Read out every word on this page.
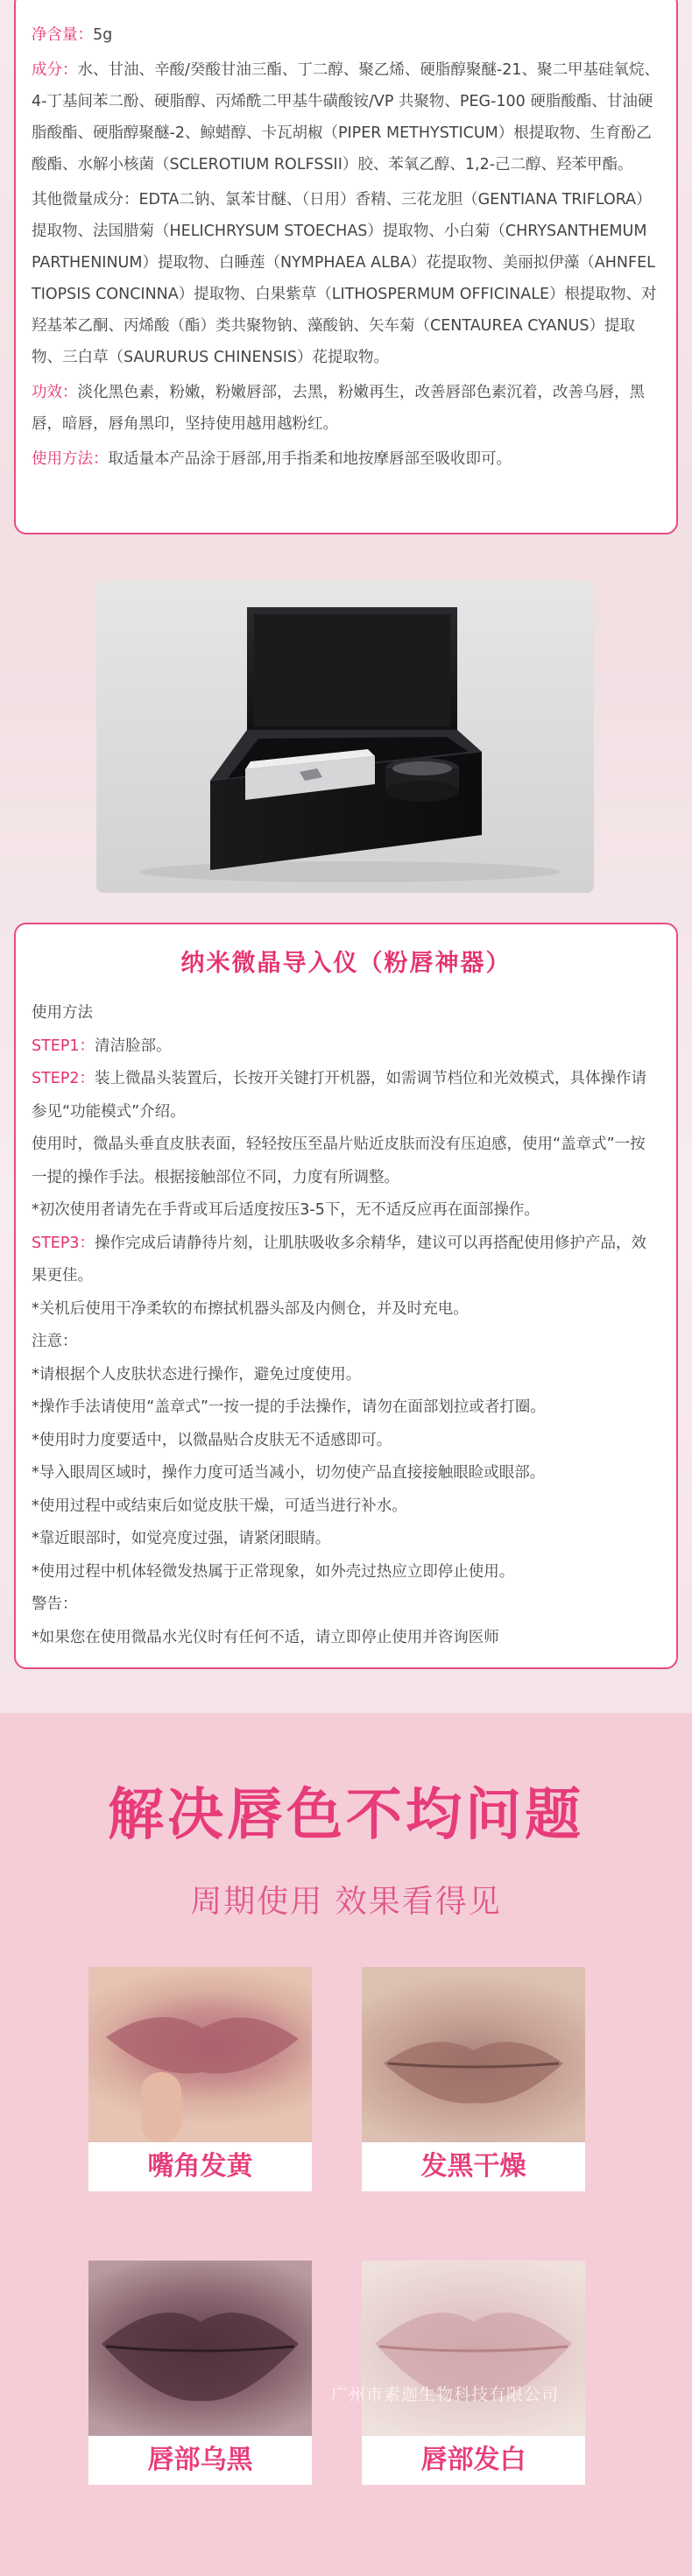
净含量：5g

成分：水、甘油、辛酸/癸酸甘油三酯、丁二醇、聚乙烯、硬脂醇聚醚-21、聚二甲基硅氧烷、4-丁基间苯二酚、硬脂醇、丙烯酰二甲基牛磺酸铵/VP 共聚物、PEG-100 硬脂酸酯、甘油硬脂酸酯、硬脂醇聚醚-2、鲸蜡醇、卡瓦胡椒（PIPER METHYSTICUM）根提取物、生育酚乙酸酯、水解小核菌（SCLEROTIUM ROLFSSII）胶、苯氧乙醇、1,2-己二醇、羟苯甲酯。

其他微量成分：EDTA二钠、氯苯甘醚、（日用）香精、三花龙胆（GENTIANA TRIFLORA）提取物、法国腊菊（HELICHRYSUM STOECHAS）提取物、小白菊（CHRYSANTHEMUM PARTHENINUM）提取物、白睡莲（NYMPHAEA ALBA）花提取物、美丽拟伊藻（AHNFELTIOPSIS CONCINNA）提取物、白果紫草（LITHOSPERMUM OFFICINALE）根提取物、对羟基苯乙酮、丙烯酸（酯）类共聚物钠、藻酸钠、矢车菊（CENTAUREA CYANUS）提取物、三白草（SAURURUS CHINENSIS）花提取物。

功效：淡化黑色素，粉嫩，粉嫩唇部，去黑，粉嫩再生，改善唇部色素沉着，改善乌唇，黑唇，暗唇，唇角黑印，坚持使用越用越粉红。

使用方法：取适量本产品涂于唇部,用手指柔和地按摩唇部至吸收即可。

纳米微晶导入仪（粉唇神器）
使用方法
STEP1：清洁脸部。
STEP2：装上微晶头装置后，长按开关键打开机器，如需调节档位和光效模式，具体操作请参见“功能模式”介绍。
使用时，微晶头垂直皮肤表面，轻轻按压至晶片贴近皮肤而没有压迫感，使用“盖章式”一按一提的操作手法。根据接触部位不同，力度有所调整。
*初次使用者请先在手背或耳后适度按压3-5下，无不适反应再在面部操作。
STEP3：操作完成后请静待片刻，让肌肤吸收多余精华，建议可以再搭配使用修护产品，效果更佳。
*关机后使用干净柔软的布擦拭机器头部及内侧仓，并及时充电。
注意：
*请根据个人皮肤状态进行操作，避免过度使用。
*操作手法请使用“盖章式”一按一提的手法操作，请勿在面部划拉或者打圈。
*使用时力度要适中，以微晶贴合皮肤无不适感即可。
*导入眼周区域时，操作力度可适当减小，切勿使产品直接接触眼睑或眼部。
*使用过程中或结束后如觉皮肤干燥，可适当进行补水。
*靠近眼部时，如觉亮度过强，请紧闭眼睛。
*使用过程中机体轻微发热属于正常现象，如外壳过热应立即停止使用。
警告：
*如果您在使用微晶水光仪时有任何不适，请立即停止使用并咨询医师
解决唇色不均问题
周期使用 效果看得见
嘴角发黄	发黑干燥
唇部乌黑	唇部发白
广州市素迦生物科技有限公司
